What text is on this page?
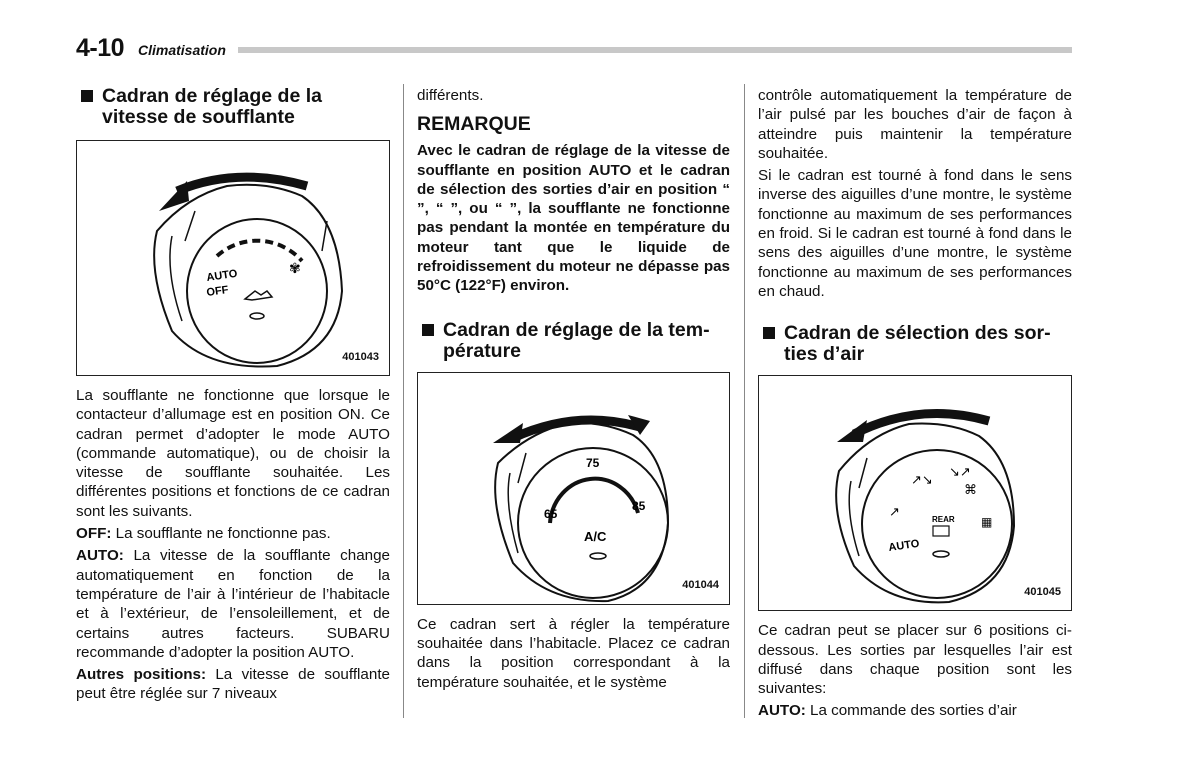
4-10 Climatisation
Cadran de réglage de la
vitesse de soufflante
AUTO
OFF
✾
401043

La soufflante ne fonctionne que lorsque le contacteur d’allumage est en position ON. Ce cadran permet d’adopter le mode AUTO (commande automatique), ou de choisir la vitesse de soufflante souhaitée. Les différentes positions et fonctions de ce cadran sont les suivants.

OFF: La soufflante ne fonctionne pas.

AUTO: La vitesse de la soufflante change automatiquement en fonction de la température de l’air à l’intérieur de l’habitacle et à l’extérieur, de l’ensoleillement, et de certains autres facteurs. SUBARU recommande d’adopter la position AUTO.

Autres positions: La vitesse de soufflante peut être réglée sur 7 niveaux

différents.

REMARQUE

Avec le cadran de réglage de la vitesse de soufflante en position AUTO et le cadran de sélection des sorties d’air en position “ ”, “ ”, ou “ ”, la soufflante ne fonctionne pas pendant la montée en température du moteur tant que le liquide de refroidissement du moteur ne dépasse pas 50°C (122°F) environ.

Cadran de réglage de la tem-
pérature
65
75
85
A/C
401044

Ce cadran sert à régler la température souhaitée dans l’habitacle. Placez ce cadran dans la position correspondant à la température souhaitée, et le système

contrôle automatiquement la température de l’air pulsé par les bouches d’air de façon à atteindre puis maintenir la température souhaitée.

Si le cadran est tourné à fond dans le sens inverse des aiguilles d’une montre, le système fonctionne au maximum de ses performances en froid. Si le cadran est tourné à fond dans le sens des aiguilles d’une montre, le système fonctionne au maximum de ses performances en chaud.

Cadran de sélection des sor-
ties d’air
↗↘
↘↗
⌘
↗
▦
AUTO
REAR
401045

Ce cadran peut se placer sur 6 positions ci-dessous. Les sorties par lesquelles l’air est diffusé dans chaque position sont les suivantes:

AUTO: La commande des sorties d’air
